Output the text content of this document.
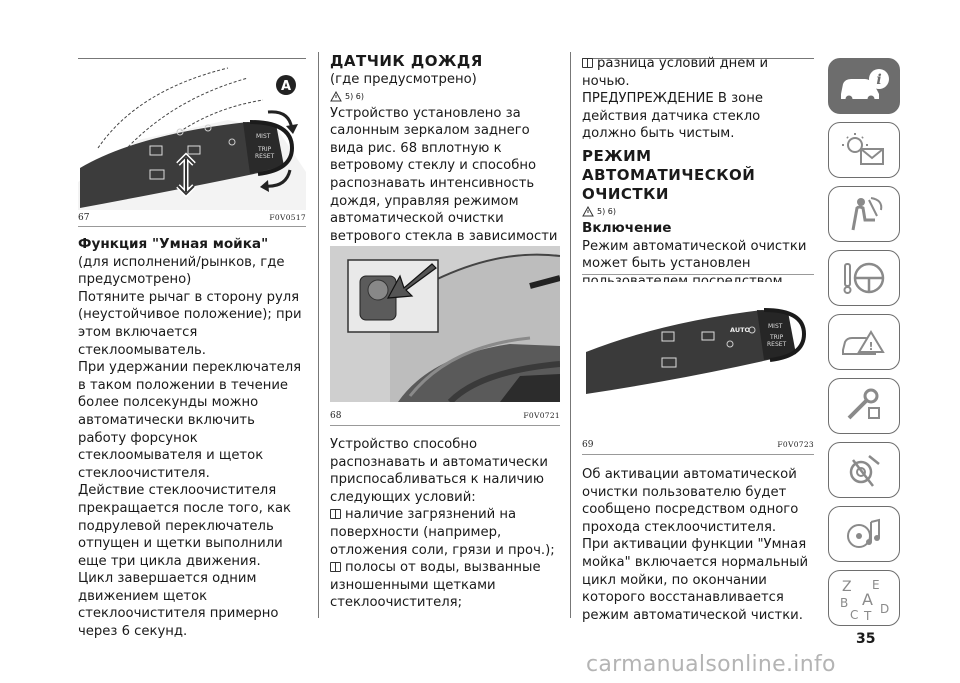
MIST
TRIP
RESET
A
67	F0V0517
Функция "Умная мойка"

(для исполнений/рынков, где предусмотрено)

Потяните рычаг в сторону руля (неустойчивое положение); при этом включается стеклоомыватель.

При удержании переключателя в таком положении в течение более полсекунды можно автоматически включить работу форсунок стеклоомывателя и щеток стеклоочистителя.

Действие стеклоочистителя прекращается после того, как подрулевой переключатель отпущен и щетки выполнили еще три цикла движения.

Цикл завершается одним движением щеток стеклоочистителя примерно через 6 секунд.

ДАТЧИК ДОЖДЯ

(где предусмотрено)

5) 6)

Устройство установлено за салонным зеркалом заднего вида рис. 68 вплотную к ветровому стеклу и способно распознавать интенсивность дождя, управляя режимом автоматической очистки ветрового стекла в зависимости

68	F0V0721

Устройство способно распознавать и автоматически приспосабливаться к наличию следующих условий:

наличие загрязнений на поверхности (например, отложения соли, грязи и проч.);

полосы от воды, вызванные изношенными щетками стеклоочистителя;

разница условий днем и ночью.

ПРЕДУПРЕЖДЕНИЕ В зоне действия датчика стекло должно быть чистым.

РЕЖИМ АВТОМАТИЧЕСКОЙ ОЧИСТКИ
5) 6)
Включение

Режим автоматической очистки может быть установлен

AUTO	MIST
TRIP
RESET
69	F0V0723

Об активации автоматической очистки пользователю будет сообщено посредством одного прохода стеклоочистителя.

При активации функции "Умная мойка" включается нормальный цикл мойки, по окончании которого восстанавливается режим автоматической чистки.

i
!
Z E
B A
C T D
35
carmanualsonline.info
